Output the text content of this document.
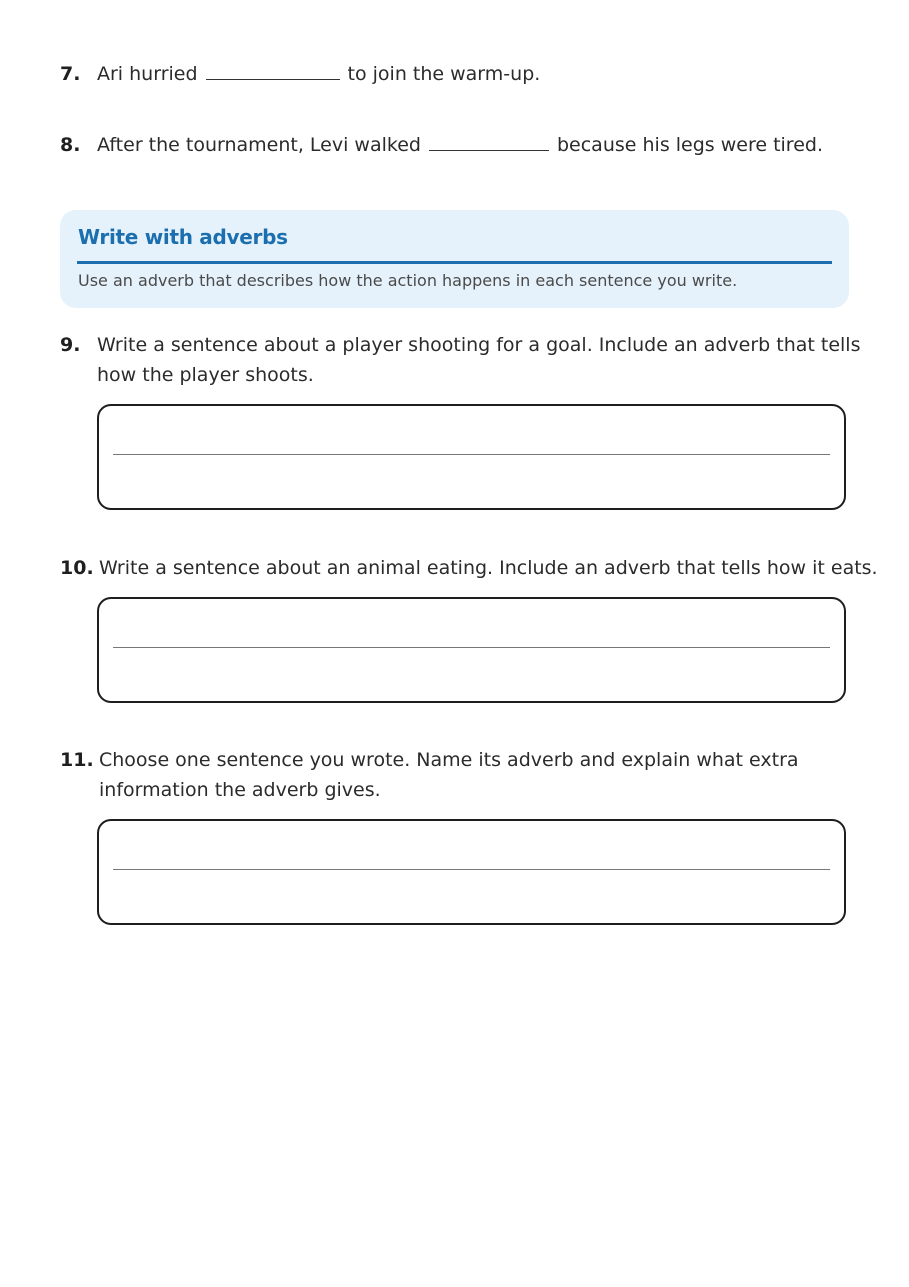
7. Ari hurried	to join the warm-up.
8. After the tournament, Levi walked	because his legs were tired.
Write with adverbs
Use an adverb that describes how the action happens in each sentence you write.
9. Write a sentence about a player shooting for a goal. Include an adverb that tells
how the player shoots.
10. Write a sentence about an animal eating. Include an adverb that tells how it eats.
11. Choose one sentence you wrote. Name its adverb and explain what extra
information the adverb gives.
